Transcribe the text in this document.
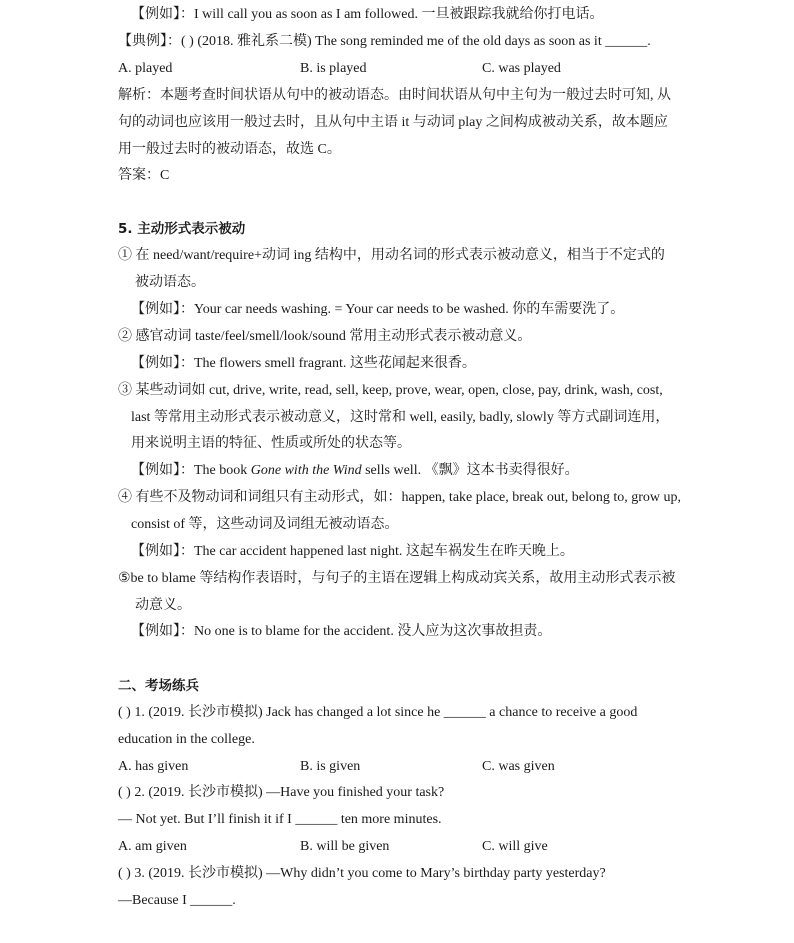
【例如】：I will call you as soon as I am followed. 一旦被跟踪我就给你打电话。
【典例】：( ) (2018. 雅礼系二模) The song reminded me of the old days as soon as it ______.
A. played	B. is played	C. was played
解析：本题考查时间状语从句中的被动语态。由时间状语从句中主句为一般过去时可知, 从
句的动词也应该用一般过去时，且从句中主语 it 与动词 play 之间构成被动关系，故本题应
用一般过去时的被动语态，故选 C。
答案：C
5. 主动形式表示被动
① 在 need/want/require+动词 ing 结构中，用动名词的形式表示被动意义，相当于不定式的
被动语态。
【例如】：Your car needs washing. = Your car needs to be washed. 你的车需要洗了。
② 感官动词 taste/feel/smell/look/sound 常用主动形式表示被动意义。
【例如】：The flowers smell fragrant. 这些花闻起来很香。
③ 某些动词如 cut, drive, write, read, sell, keep, prove, wear, open, close, pay, drink, wash, cost,
last 等常用主动形式表示被动意义，这时常和 well, easily, badly, slowly 等方式副词连用，
用来说明主语的特征、性质或所处的状态等。
【例如】：The book Gone with the Wind sells well. 《飘》这本书卖得很好。
④ 有些不及物动词和词组只有主动形式，如：happen, take place, break out, belong to, grow up,
consist of 等，这些动词及词组无被动语态。
【例如】：The car accident happened last night. 这起车祸发生在昨天晚上。
⑤be to blame 等结构作表语时，与句子的主语在逻辑上构成动宾关系，故用主动形式表示被
动意义。
【例如】：No one is to blame for the accident. 没人应为这次事故担责。
二、考场练兵
( ) 1. (2019. 长沙市模拟) Jack has changed a lot since he ______ a chance to receive a good
education in the college.
A. has given	B. is given	C. was given
( ) 2. (2019. 长沙市模拟) —Have you finished your task?
— Not yet. But I’ll finish it if I ______ ten more minutes.
A. am given	B. will be given	C. will give
( ) 3. (2019. 长沙市模拟) —Why didn’t you come to Mary’s birthday party yesterday?
—Because I ______.
